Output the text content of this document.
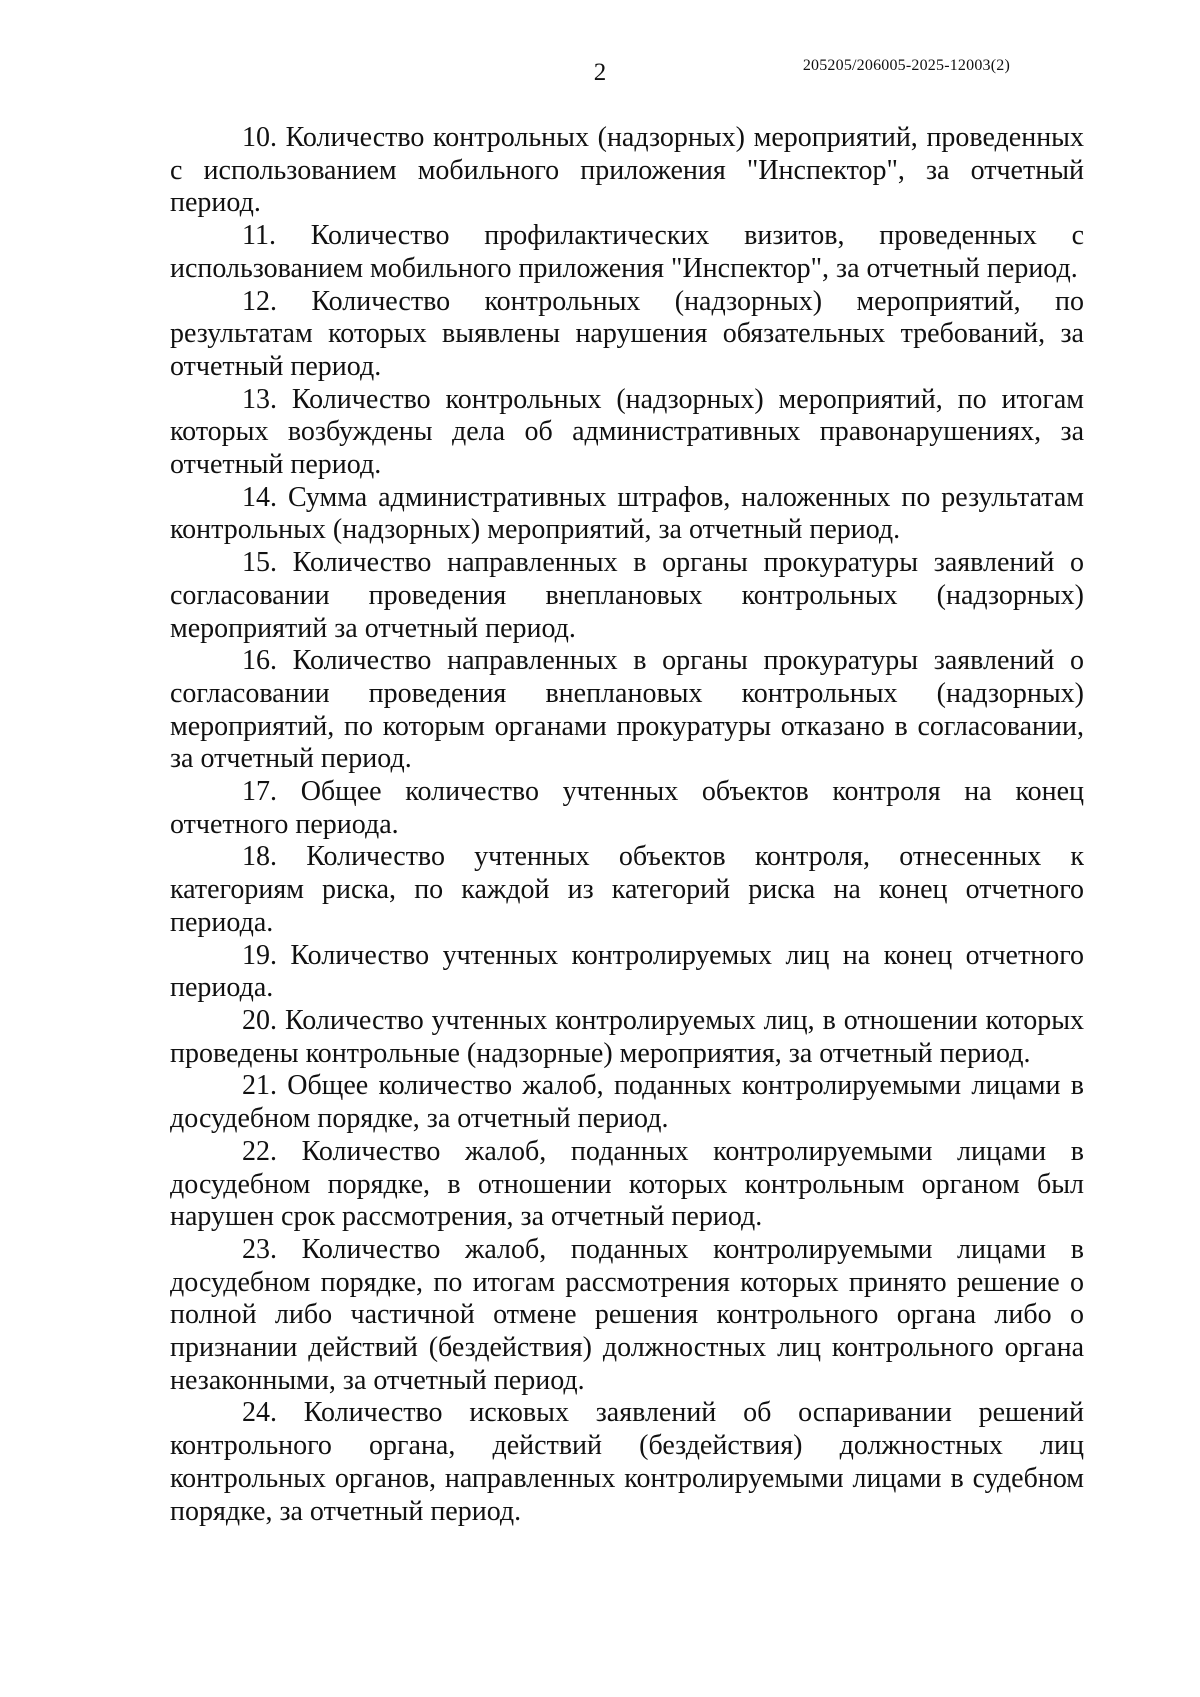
2	205205/206005-2025-12003(2)

10. Количество контрольных (надзорных) мероприятий, проведенных с использованием мобильного приложения "Инспектор", за отчетный период.

11. Количество профилактических визитов, проведенных с использованием мобильного приложения "Инспектор", за отчетный период.

12. Количество контрольных (надзорных) мероприятий, по результатам которых выявлены нарушения обязательных требований, за отчетный период.

13. Количество контрольных (надзорных) мероприятий, по итогам которых возбуждены дела об административных правонарушениях, за отчетный период.

14. Сумма административных штрафов, наложенных по результатам контрольных (надзорных) мероприятий, за отчетный период.

15. Количество направленных в органы прокуратуры заявлений о согласовании проведения внеплановых контрольных (надзорных) мероприятий за отчетный период.

16. Количество направленных в органы прокуратуры заявлений о согласовании проведения внеплановых контрольных (надзорных) мероприятий, по которым органами прокуратуры отказано в согласовании, за отчетный период.

17. Общее количество учтенных объектов контроля на конец отчетного периода.

18. Количество учтенных объектов контроля, отнесенных к категориям риска, по каждой из категорий риска на конец отчетного периода.

19. Количество учтенных контролируемых лиц на конец отчетного периода.

20. Количество учтенных контролируемых лиц, в отношении которых проведены контрольные (надзорные) мероприятия, за отчетный период.

21. Общее количество жалоб, поданных контролируемыми лицами в досудебном порядке, за отчетный период.

22. Количество жалоб, поданных контролируемыми лицами в досудебном порядке, в отношении которых контрольным органом был нарушен срок рассмотрения, за отчетный период.

23. Количество жалоб, поданных контролируемыми лицами в досудебном порядке, по итогам рассмотрения которых принято решение о полной либо частичной отмене решения контрольного органа либо о признании действий (бездействия) должностных лиц контрольного органа незаконными, за отчетный период.

24. Количество исковых заявлений об оспаривании решений контрольного органа, действий (бездействия) должностных лиц контрольных органов, направленных контролируемыми лицами в судебном порядке, за отчетный период.
